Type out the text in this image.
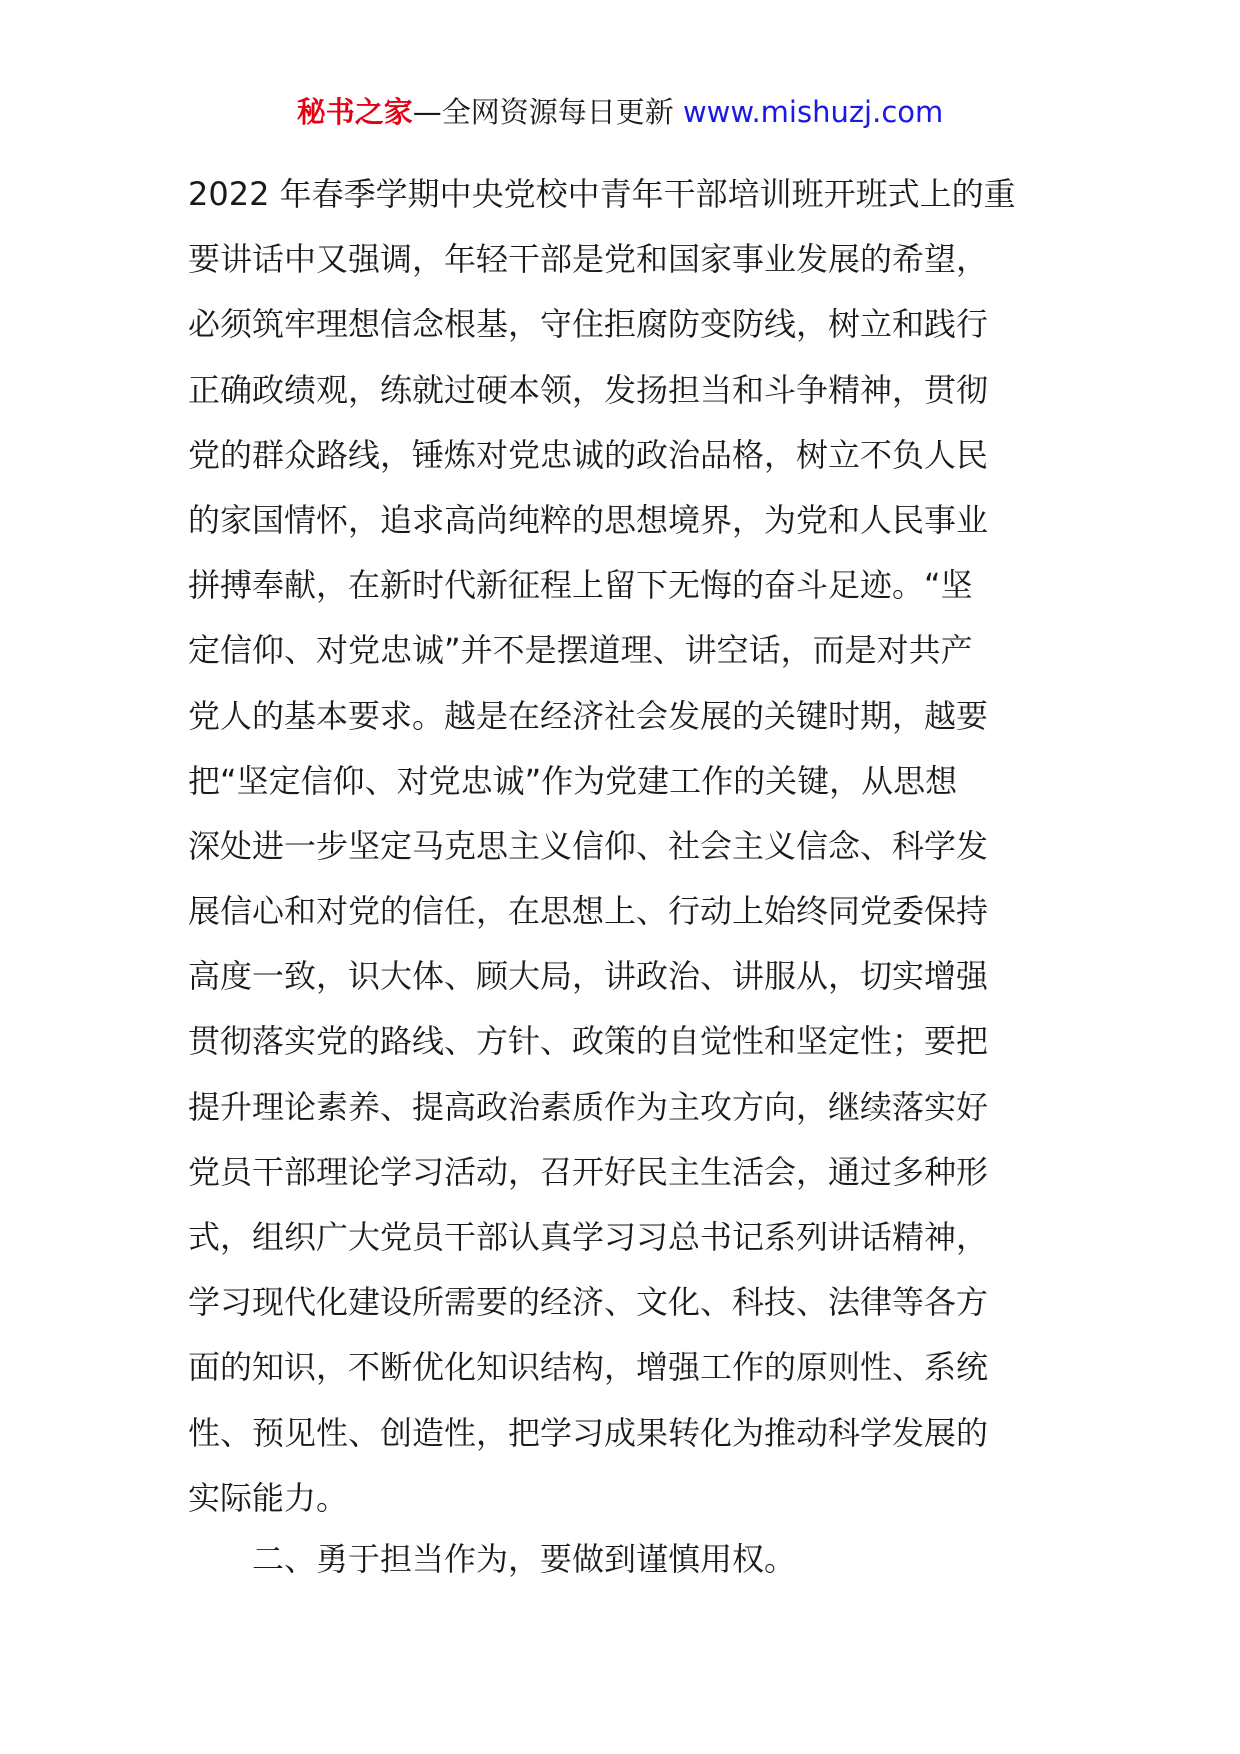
秘书之家—全网资源每日更新 www.mishuzj.com
2022 年春季学期中央党校中青年干部培训班开班式上的重
要讲话中又强调，年轻干部是党和国家事业发展的希望，
必须筑牢理想信念根基，守住拒腐防变防线，树立和践行
正确政绩观，练就过硬本领，发扬担当和斗争精神，贯彻
党的群众路线，锤炼对党忠诚的政治品格，树立不负人民
的家国情怀，追求高尚纯粹的思想境界，为党和人民事业
拼搏奉献，在新时代新征程上留下无悔的奋斗足迹。“坚
定信仰、对党忠诚”并不是摆道理、讲空话，而是对共产
党人的基本要求。越是在经济社会发展的关键时期，越要
把“坚定信仰、对党忠诚”作为党建工作的关键，从思想
深处进一步坚定马克思主义信仰、社会主义信念、科学发
展信心和对党的信任，在思想上、行动上始终同党委保持
高度一致，识大体、顾大局，讲政治、讲服从，切实增强
贯彻落实党的路线、方针、政策的自觉性和坚定性；要把
提升理论素养、提高政治素质作为主攻方向，继续落实好
党员干部理论学习活动，召开好民主生活会，通过多种形
式，组织广大党员干部认真学习习总书记系列讲话精神，
学习现代化建设所需要的经济、文化、科技、法律等各方
面的知识，不断优化知识结构，增强工作的原则性、系统
性、预见性、创造性，把学习成果转化为推动科学发展的
实际能力。
二、勇于担当作为，要做到谨慎用权。
